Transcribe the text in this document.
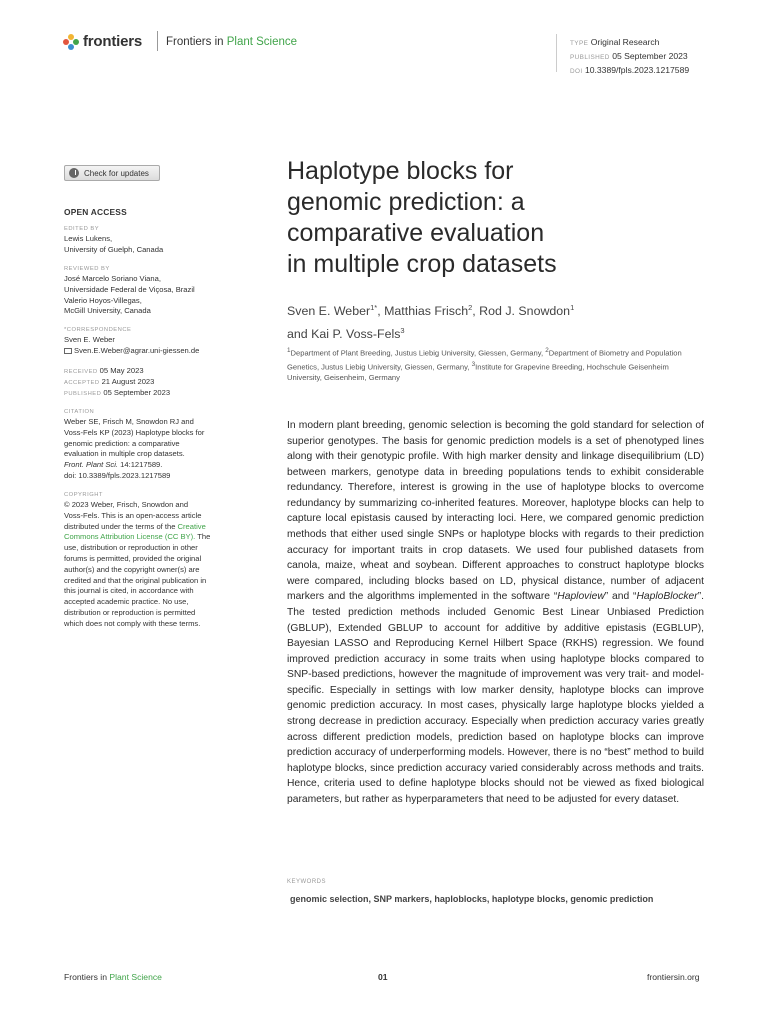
frontiers Frontiers in Plant Science	TYPE Original Research
PUBLISHED 05 September 2023
DOI 10.3389/fpls.2023.1217589
Check for updates
OPEN ACCESS
EDITED BY
Lewis Lukens,
University of Guelph, Canada
REVIEWED BY
José Marcelo Soriano Viana,
Universidade Federal de Viçosa, Brazil
Valerio Hoyos-Villegas,
McGill University, Canada
*CORRESPONDENCE
Sven E. Weber
Sven.E.Weber@agrar.uni-giessen.de
RECEIVED 05 May 2023
ACCEPTED 21 August 2023
PUBLISHED 05 September 2023
CITATION
Weber SE, Frisch M, Snowdon RJ and
Voss-Fels KP (2023) Haplotype blocks for
genomic prediction: a comparative
evaluation in multiple crop datasets.
Front. Plant Sci. 14:1217589.
doi: 10.3389/fpls.2023.1217589
COPYRIGHT
© 2023 Weber, Frisch, Snowdon and
Voss-Fels. This is an open-access article
distributed under the terms of the Creative
Commons Attribution License (CC BY). The
use, distribution or reproduction in other
forums is permitted, provided the original
author(s) and the copyright owner(s) are
credited and that the original publication in
this journal is cited, in accordance with
accepted academic practice. No use,
distribution or reproduction is permitted
which does not comply with these terms.
Haplotype blocks for
genomic prediction: a
comparative evaluation
in multiple crop datasets
Sven E. Weber$^{1*}$, Matthias Frisch$^2$, Rod J. Snowdon$^1$
and Kai P. Voss-Fels$^3$
$^1$Department of Plant Breeding, Justus Liebig University, Giessen, Germany, $^2$Department of Biometry and Population Genetics, Justus Liebig University, Giessen, Germany, $^3$Institute for Grapevine Breeding, Hochschule Geisenheim University, Geisenheim, Germany
In modern plant breeding, genomic selection is becoming the gold standard for selection of superior genotypes. The basis for genomic prediction models is a set of phenotyped lines along with their genotypic profile. With high marker density and linkage disequilibrium (LD) between markers, genotype data in breeding populations tends to exhibit considerable redundancy. Therefore, interest is growing in the use of haplotype blocks to overcome redundancy by summarizing co-inherited features. Moreover, haplotype blocks can help to capture local epistasis caused by interacting loci. Here, we compared genomic prediction methods that either used single SNPs or haplotype blocks with regards to their prediction accuracy for important traits in crop datasets. We used four published datasets from canola, maize, wheat and soybean. Different approaches to construct haplotype blocks were compared, including blocks based on LD, physical distance, number of adjacent markers and the algorithms implemented in the software “Haploview” and “HaploBlocker”. The tested prediction methods included Genomic Best Linear Unbiased Prediction (GBLUP), Extended GBLUP to account for additive by additive epistasis (EGBLUP), Bayesian LASSO and Reproducing Kernel Hilbert Space (RKHS) regression. We found improved prediction accuracy in some traits when using haplotype blocks compared to SNP-based predictions, however the magnitude of improvement was very trait- and model-specific. Especially in settings with low marker density, haplotype blocks can improve genomic prediction accuracy. In most cases, physically large haplotype blocks yielded a strong decrease in prediction accuracy. Especially when prediction accuracy varies greatly across different prediction models, prediction based on haplotype blocks can improve prediction accuracy of underperforming models. However, there is no “best” method to build haplotype blocks, since prediction accuracy varied considerably across methods and traits. Hence, criteria used to define haplotype blocks should not be viewed as fixed biological parameters, but rather as hyperparameters that need to be adjusted for every dataset.
KEYWORDS
genomic selection, SNP markers, haploblocks, haplotype blocks, genomic prediction
Frontiers in Plant Science	01	frontiersin.org
